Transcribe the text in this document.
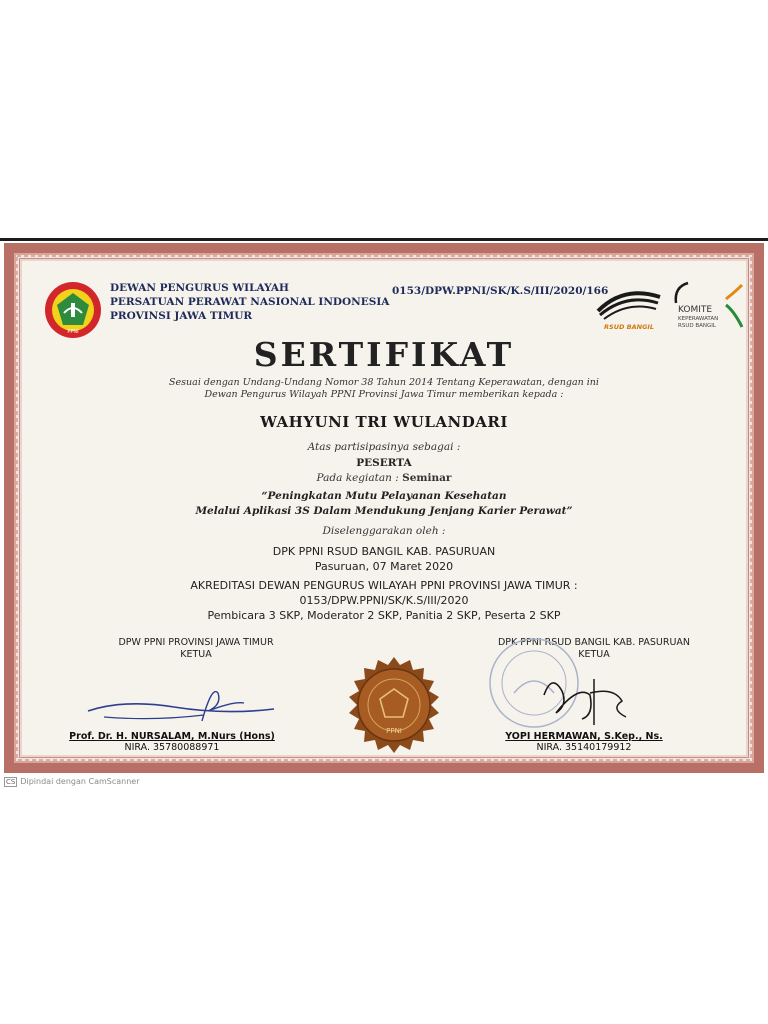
PPNI
DEWAN PENGURUS WILAYAH
PERSATUAN PERAWAT NASIONAL INDONESIA
PROVINSI JAWA TIMUR
0153/DPW.PPNI/SK/K.S/III/2020/166
RSUD BANGIL
KOMITE
KEPERAWATAN
RSUD BANGIL
SERTIFIKAT
Sesuai dengan Undang-Undang Nomor 38 Tahun 2014 Tentang Keperawatan, dengan ini
Dewan Pengurus Wilayah PPNI Provinsi Jawa Timur memberikan kepada :
WAHYUNI TRI WULANDARI
Atas partisipasinya sebagai :
PESERTA
Pada kegiatan : Seminar
“Peningkatan Mutu Pelayanan Kesehatan
Melalui Aplikasi 3S Dalam Mendukung Jenjang Karier Perawat”
Diselenggarakan oleh :
DPK PPNI RSUD BANGIL KAB. PASURUAN
Pasuruan, 07 Maret 2020
AKREDITASI DEWAN PENGURUS WILAYAH PPNI PROVINSI JAWA TIMUR :
0153/DPW.PPNI/SK/K.S/III/2020
Pembicara 3 SKP, Moderator 2 SKP, Panitia 2 SKP, Peserta 2 SKP
DPW PPNI PROVINSI JAWA TIMUR
KETUA
DPK PPNI RSUD BANGIL KAB. PASURUAN
KETUA
PPNI
Prof. Dr. H. NURSALAM, M.Nurs (Hons)
NIRA. 35780088971
YOPI HERMAWAN, S.Kep., Ns.
NIRA. 35140179912
CS Dipindai dengan CamScanner
